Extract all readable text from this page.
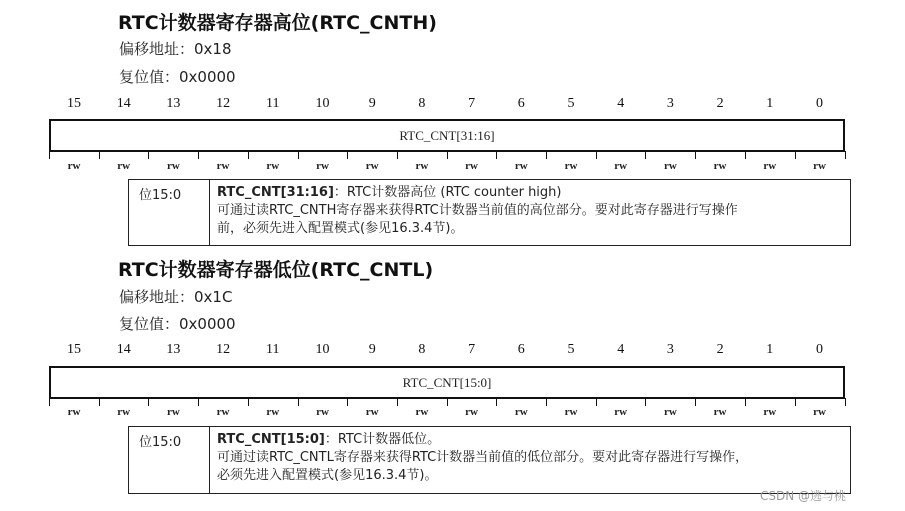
RTC计数器寄存器高位(RTC_CNTH)
偏移地址：0x18
复位值：0x0000
15	14	13	12	11	10	9	8	7	6	5	4	3	2	1	0
RTC_CNT[31:16]
rw	rw	rw	rw	rw	rw	rw	rw	rw	rw	rw	rw	rw	rw	rw	rw
位15:0	RTC_CNT[31:16]：RTC计数器高位 (RTC counter high)
可通过读RTC_CNTH寄存器来获得RTC计数器当前值的高位部分。要对此寄存器进行写操作
前，必须先进入配置模式(参见16.3.4节)。
RTC计数器寄存器低位(RTC_CNTL)
偏移地址：0x1C
复位值：0x0000
15	14	13	12	11	10	9	8	7	6	5	4	3	2	1	0
RTC_CNT[15:0]
rw	rw	rw	rw	rw	rw	rw	rw	rw	rw	rw	rw	rw	rw	rw	rw
位15:0	RTC_CNT[15:0]：RTC计数器低位。
可通过读RTC_CNTL寄存器来获得RTC计数器当前值的低位部分。要对此寄存器进行写操作，
必须先进入配置模式(参见16.3.4节)。
CSDN @逃与桃
